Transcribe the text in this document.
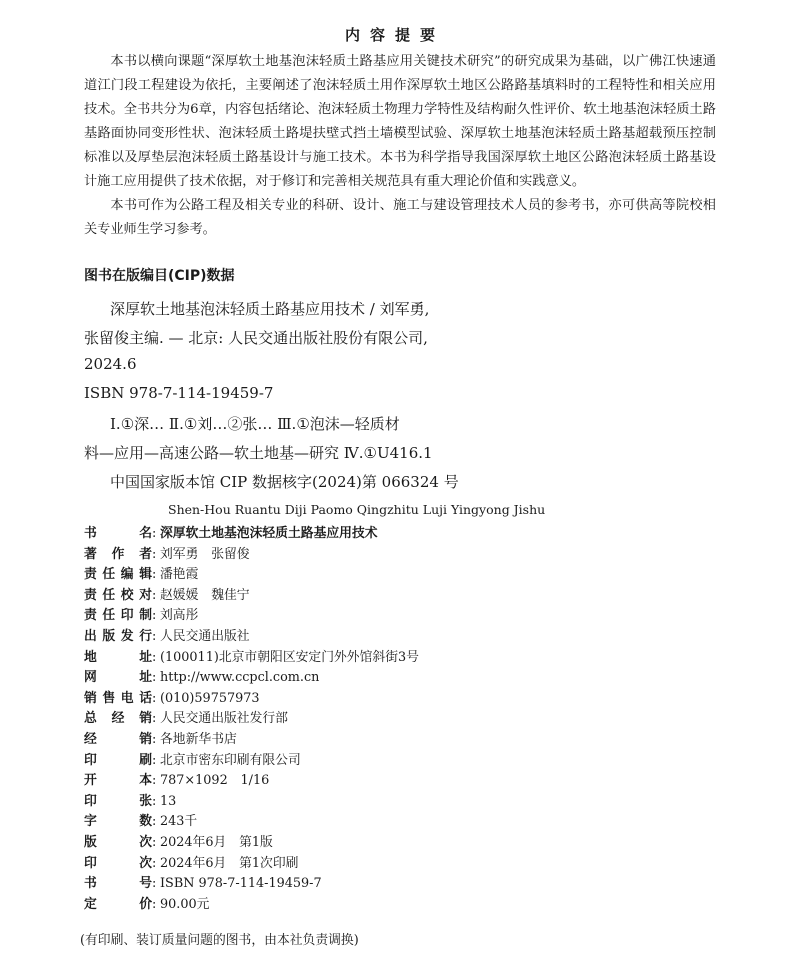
内容提要

本书以横向课题“深厚软土地基泡沫轻质土路基应用关键技术研究”的研究成果为基础，以广佛江快速通道江门段工程建设为依托，主要阐述了泡沫轻质土用作深厚软土地区公路路基填料时的工程特性和相关应用技术。全书共分为6章，内容包括绪论、泡沫轻质土物理力学特性及结构耐久性评价、软土地基泡沫轻质土路基路面协同变形性状、泡沫轻质土路堤扶壁式挡土墙模型试验、深厚软土地基泡沫轻质土路基超载预压控制标准以及厚垫层泡沫轻质土路基设计与施工技术。本书为科学指导我国深厚软土地区公路泡沫轻质土路基设计施工应用提供了技术依据，对于修订和完善相关规范具有重大理论价值和实践意义。

本书可作为公路工程及相关专业的科研、设计、施工与建设管理技术人员的参考书，亦可供高等院校相关专业师生学习参考。

图书在版编目(CIP)数据
深厚软土地基泡沫轻质土路基应用技术 / 刘军勇,
张留俊主编. — 北京: 人民交通出版社股份有限公司,
2024.6
ISBN 978-7-114-19459-7
Ⅰ.①深… Ⅱ.①刘…②张… Ⅲ.①泡沫—轻质材
料—应用—高速公路—软土地基—研究 Ⅳ.①U416.1
中国国家版本馆 CIP 数据核字(2024)第 066324 号
Shen-Hou Ruantu Diji Paomo Qingzhitu Luji Yingyong Jishu
书名 : 深厚软土地基泡沫轻质土路基应用技术
著作者 : 刘军勇　张留俊
责任编辑 : 潘艳霞
责任校对 : 赵媛媛　魏佳宁
责任印制 : 刘高彤
出版发行 : 人民交通出版社
地址 : (100011)北京市朝阳区安定门外外馆斜街3号
网址 : http://www.ccpcl.com.cn
销售电话 : (010)59757973
总经销 : 人民交通出版社发行部
经销 : 各地新华书店
印刷 : 北京市密东印刷有限公司
开本 : 787×1092　1/16
印张 : 13
字数 : 243千
版次 : 2024年6月　第1版
印次 : 2024年6月　第1次印刷
书号 : ISBN 978-7-114-19459-7
定价 : 90.00元
(有印刷、装订质量问题的图书，由本社负责调换)
